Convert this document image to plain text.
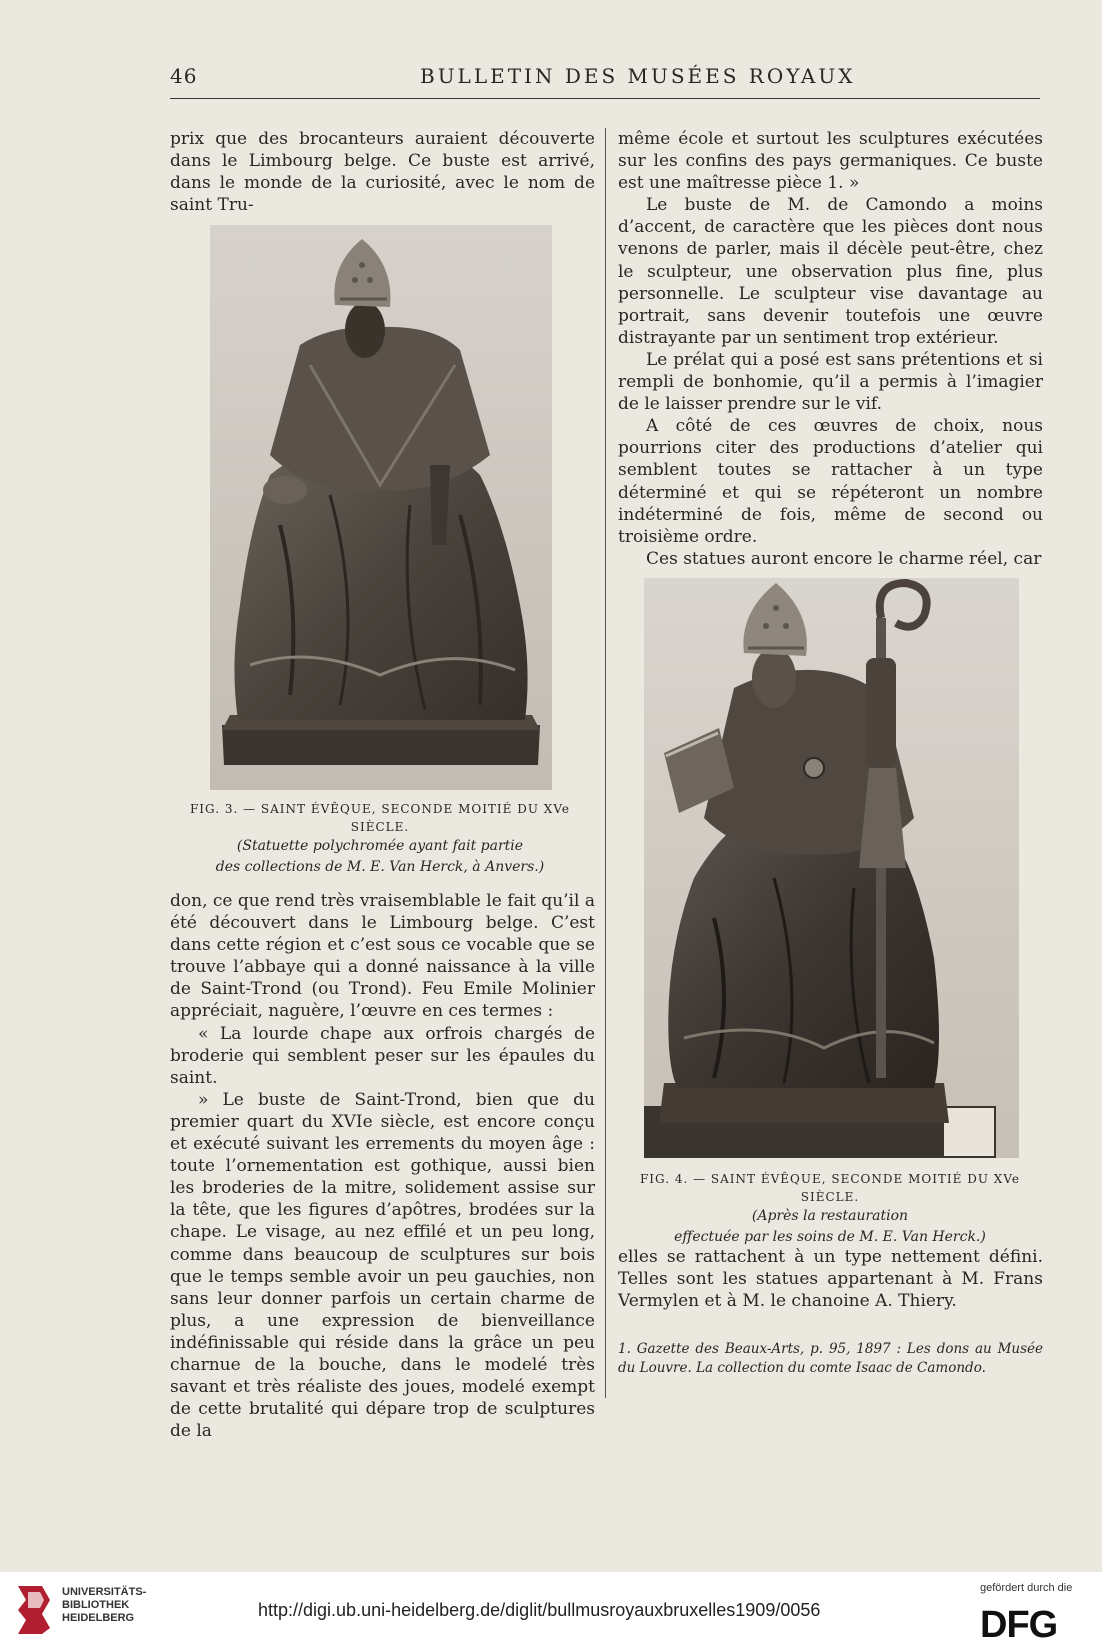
46	BULLETIN DES MUSÉES ROYAUX

prix que des brocanteurs auraient découverte dans le Limbourg belge. Ce buste est arrivé, dans le monde de la curiosité, avec le nom de saint Tru-

FIG. 3. — SAINT ÉVÊQUE, SECONDE MOITIÉ DU XVe SIÈCLE.
(Statuette polychromée ayant fait partie
des collections de M. E. Van Herck, à Anvers.)

don, ce que rend très vraisemblable le fait qu’il a été découvert dans le Limbourg belge. C’est dans cette région et c’est sous ce vocable que se trouve l’abbaye qui a donné naissance à la ville de Saint-Trond (ou Trond). Feu Emile Molinier appréciait, naguère, l’œuvre en ces termes :

« La lourde chape aux orfrois chargés de broderie qui semblent peser sur les épaules du saint.

» Le buste de Saint-Trond, bien que du premier quart du XVIe siècle, est encore conçu et exécuté suivant les errements du moyen âge : toute l’ornementation est gothique, aussi bien les broderies de la mitre, solidement assise sur la tête, que les figures d’apôtres, brodées sur la chape. Le visage, au nez effilé et un peu long, comme dans beaucoup de sculptures sur bois que le temps semble avoir un peu gauchies, non sans leur donner parfois un certain charme de plus, a une expression de bienveillance indéfinissable qui réside dans la grâce un peu charnue de la bouche, dans le modelé très savant et très réaliste des joues, modelé exempt de cette brutalité qui dépare trop de sculptures de la

même école et surtout les sculptures exécutées sur les confins des pays germaniques. Ce buste est une maîtresse pièce 1. »

Le buste de M. de Camondo a moins d’accent, de caractère que les pièces dont nous venons de parler, mais il décèle peut-être, chez le sculpteur, une observation plus fine, plus personnelle. Le sculpteur vise davantage au portrait, sans devenir toutefois une œuvre distrayante par un sentiment trop extérieur.

Le prélat qui a posé est sans prétentions et si rempli de bonhomie, qu’il a permis à l’imagier de le laisser prendre sur le vif.

A côté de ces œuvres de choix, nous pourrions citer des productions d’atelier qui semblent toutes se rattacher à un type déterminé et qui se répéteront un nombre indéterminé de fois, même de second ou troisième ordre.

Ces statues auront encore le charme réel, car

FIG. 4. — SAINT ÉVÊQUE, SECONDE MOITIÉ DU XVe SIÈCLE.
(Après la restauration
effectuée par les soins de M. E. Van Herck.)

elles se rattachent à un type nettement défini. Telles sont les statues appartenant à M. Frans Vermylen et à M. le chanoine A. Thiery.

1. Gazette des Beaux-Arts, p. 95, 1897 : Les dons au Musée du Louvre. La collection du comte Isaac de Camondo.
UNIVERSITÄTS-
BIBLIOTHEK
HEIDELBERG	http://digi.ub.uni-heidelberg.de/diglit/bullmusroyauxbruxelles1909/0056
gefördert durch die
DFG
